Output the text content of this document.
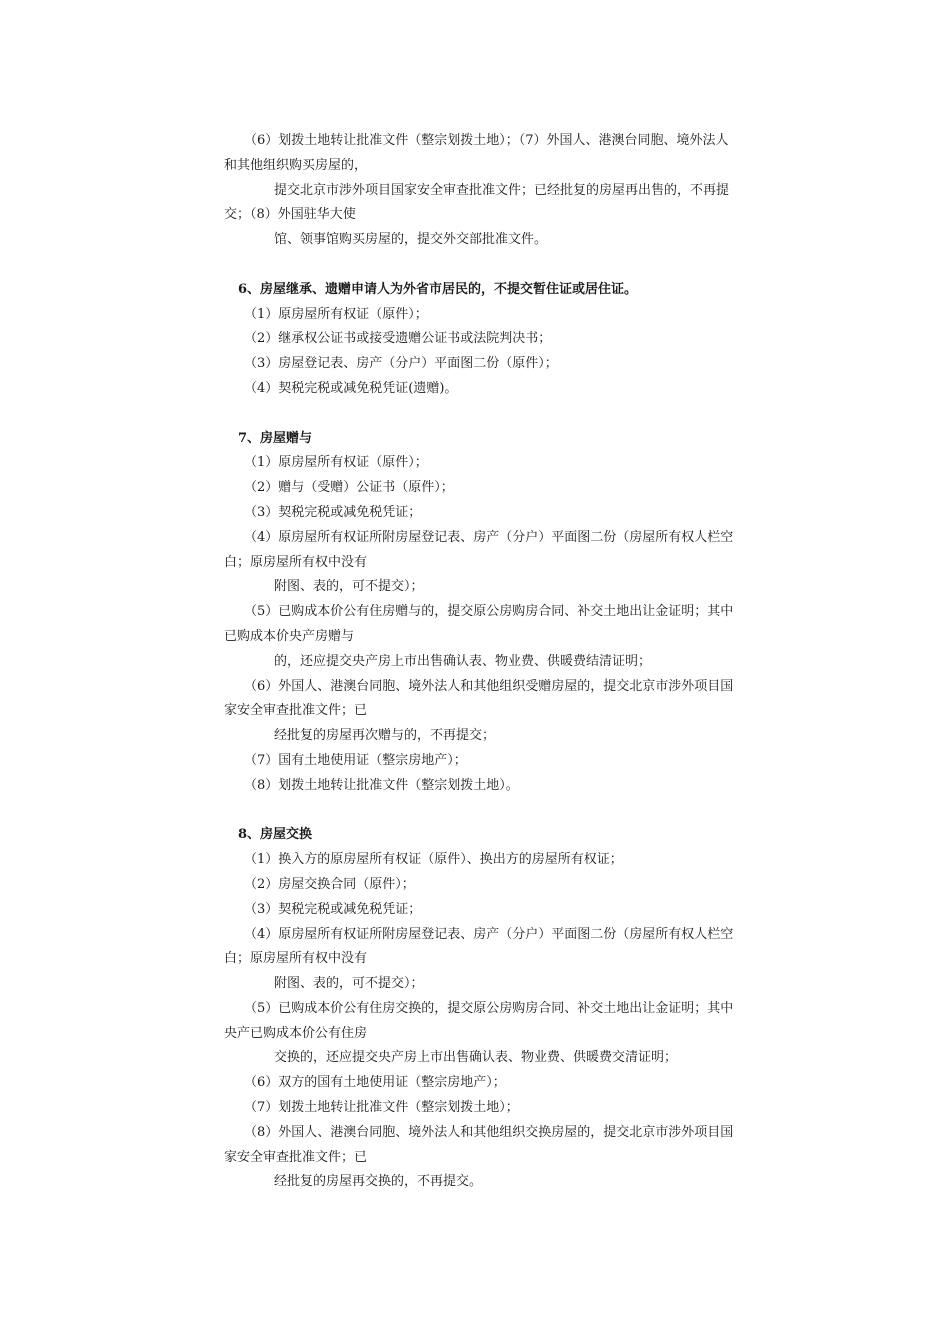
（6）划拨土地转让批准文件（整宗划拨土地）；（7）外国人、港澳台同胞、境外法人
和其他组织购买房屋的，
提交北京市涉外项目国家安全审查批准文件；已经批复的房屋再出售的，不再提
交；（8）外国驻华大使
馆、领事馆购买房屋的，提交外交部批准文件。
6、房屋继承、遗赠申请人为外省市居民的，不提交暂住证或居住证。
（1）原房屋所有权证（原件）；
（2）继承权公证书或接受遗赠公证书或法院判决书；
（3）房屋登记表、房产（分户）平面图二份（原件）；
（4）契税完税或减免税凭证(遗赠)。
7、房屋赠与
（1）原房屋所有权证（原件）；
（2）赠与（受赠）公证书（原件）；
（3）契税完税或减免税凭证；
（4）原房屋所有权证所附房屋登记表、房产（分户）平面图二份（房屋所有权人栏空
白；原房屋所有权中没有
附图、表的，可不提交）；
（5）已购成本价公有住房赠与的，提交原公房购房合同、补交土地出让金证明；其中
已购成本价央产房赠与
的，还应提交央产房上市出售确认表、物业费、供暖费结清证明；
（6）外国人、港澳台同胞、境外法人和其他组织受赠房屋的，提交北京市涉外项目国
家安全审查批准文件；已
经批复的房屋再次赠与的，不再提交；
（7）国有土地使用证（整宗房地产）；
（8）划拨土地转让批准文件（整宗划拨土地）。
8、房屋交换
（1）换入方的原房屋所有权证（原件）、换出方的房屋所有权证；
（2）房屋交换合同（原件）；
（3）契税完税或减免税凭证；
（4）原房屋所有权证所附房屋登记表、房产（分户）平面图二份（房屋所有权人栏空
白；原房屋所有权中没有
附图、表的，可不提交）；
（5）已购成本价公有住房交换的，提交原公房购房合同、补交土地出让金证明；其中
央产已购成本价公有住房
交换的，还应提交央产房上市出售确认表、物业费、供暖费交清证明；
（6）双方的国有土地使用证（整宗房地产）；
（7）划拨土地转让批准文件（整宗划拨土地）；
（8）外国人、港澳台同胞、境外法人和其他组织交换房屋的，提交北京市涉外项目国
家安全审查批准文件；已
经批复的房屋再交换的，不再提交。
